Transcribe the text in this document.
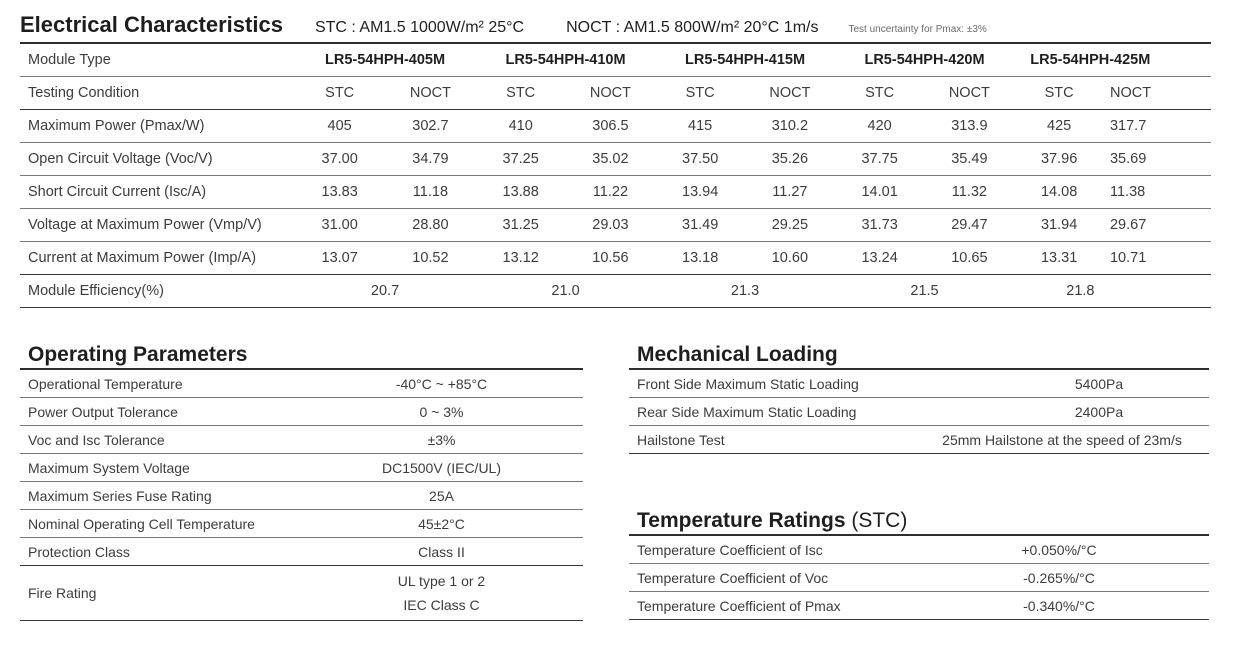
Electrical Characteristics STC : AM1.5 1000W/m² 25°C	NOCT : AM1.5 800W/m² 20°C 1m/s	Test uncertainty for Pmax: ±3%
Module Type	LR5-54HPH-405M		LR5-54HPH-410M		LR5-54HPH-415M		LR5-54HPH-420M		LR5-54HPH-425M	
Testing Condition	STC	NOCT	STC	NOCT	STC	NOCT	STC	NOCT	STC	NOCT
Maximum Power (Pmax/W)	405	302.7	410	306.5	415	310.2	420	313.9	425	317.7
Open Circuit Voltage (Voc/V)	37.00	34.79	37.25	35.02	37.50	35.26	37.75	35.49	37.96	35.69
Short Circuit Current (Isc/A)	13.83	11.18	13.88	11.22	13.94	11.27	14.01	11.32	14.08	11.38
Voltage at Maximum Power (Vmp/V)	31.00	28.80	31.25	29.03	31.49	29.25	31.73	29.47	31.94	29.67
Current at Maximum Power (Imp/A)	13.07	10.52	13.12	10.56	13.18	10.60	13.24	10.65	13.31	10.71
Module Efficiency(%)	20.7		21.0		21.3		21.5		21.8	
Operating Parameters
Operational Temperature	-40°C ~ +85°C
Power Output Tolerance	0 ~ 3%
Voc and Isc Tolerance	±3%
Maximum System Voltage	DC1500V (IEC/UL)
Maximum Series Fuse Rating	25A
Nominal Operating Cell Temperature	45±2°C
Protection Class	Class II
Fire Rating	UL type 1 or 2
IEC Class C
Mechanical Loading
Front Side Maximum Static Loading	5400Pa
Rear Side Maximum Static Loading	2400Pa
Hailstone Test	25mm Hailstone at the speed of 23m/s
Temperature Ratings (STC)
Temperature Coefficient of Isc	+0.050%/°C	
Temperature Coefficient of Voc	-0.265%/°C	
Temperature Coefficient of Pmax	-0.340%/°C	
